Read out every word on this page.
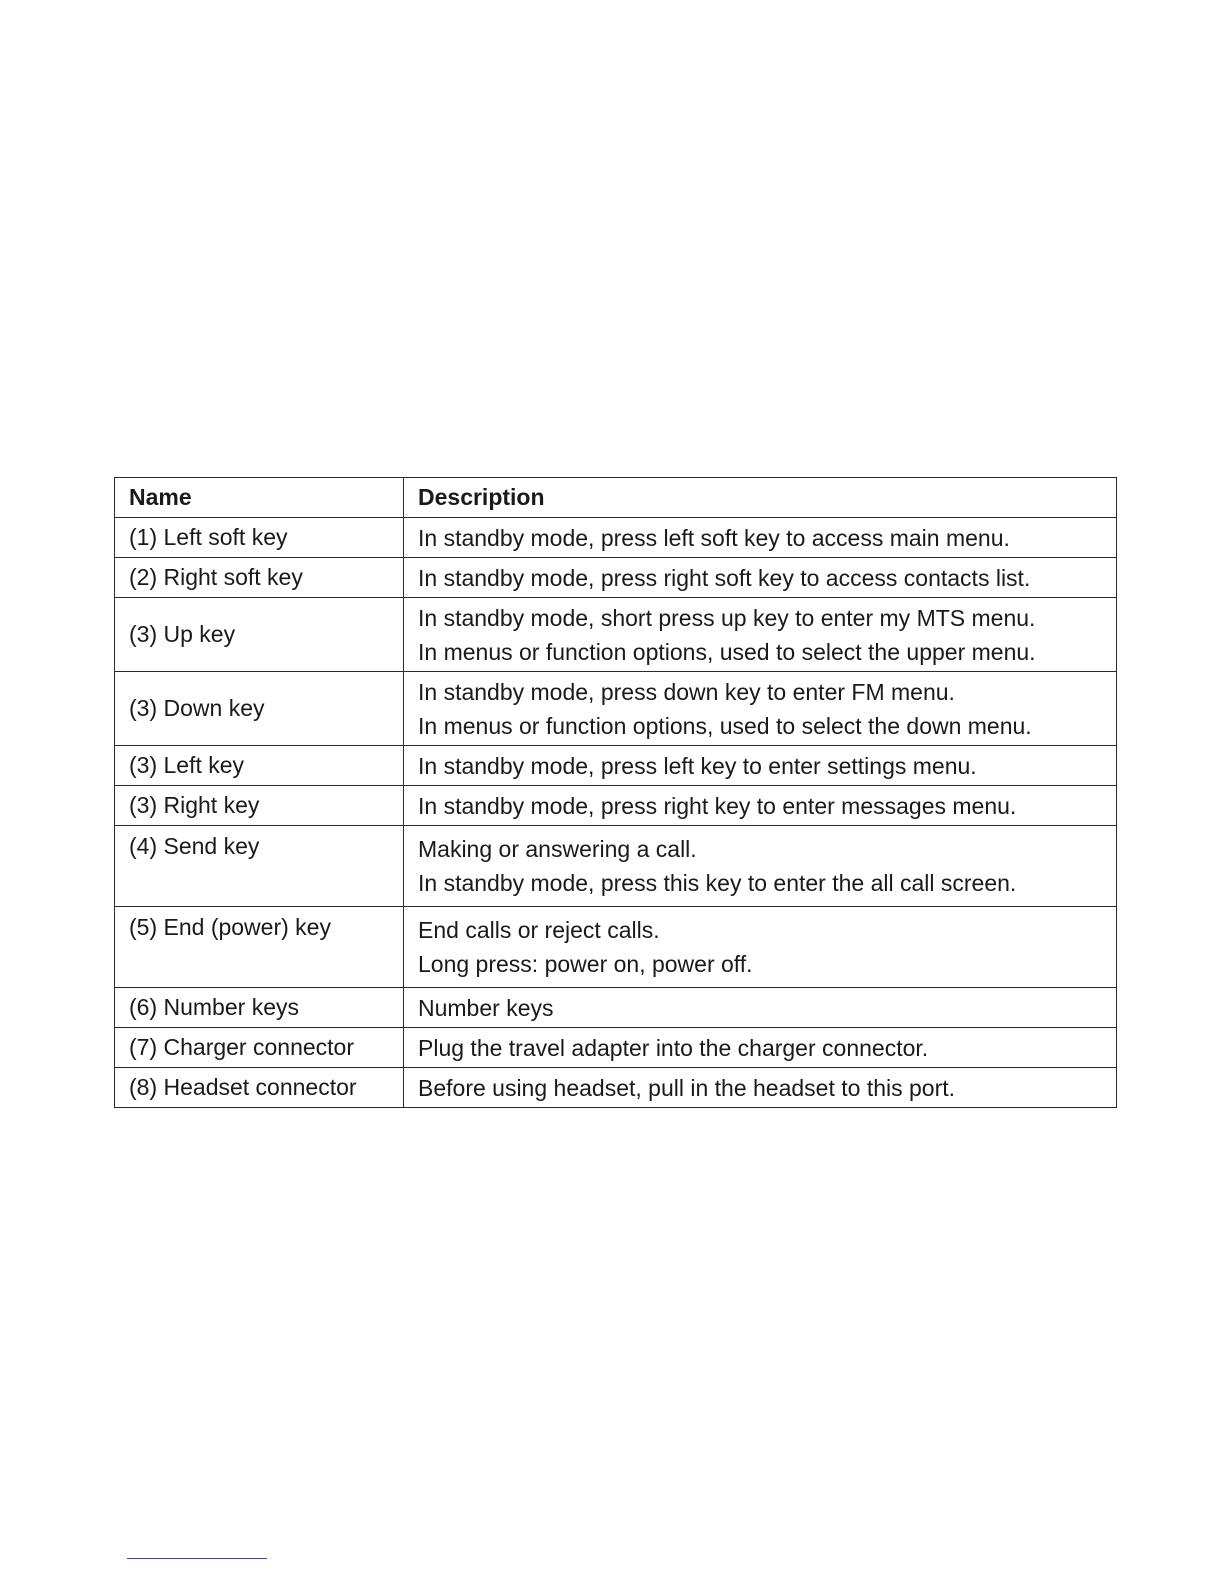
Name	Description
(1) Left soft key	In standby mode, press left soft key to access main menu.

(2) Right soft key	In standby mode, press right soft key to access contacts list.

(3) Up key	In standby mode, short press up key to enter my MTS menu.
In menus or function options, used to select the upper menu.

(3) Down key	In standby mode, press down key to enter FM menu.
In menus or function options, used to select the down menu.

(3) Left key	In standby mode, press left key to enter settings menu.

(3) Right key	In standby mode, press right key to enter messages menu.

(4) Send key	Making or answering a call.
In standby mode, press this key to enter the all call screen.

(5) End (power) key	End calls or reject calls.
Long press: power on, power off.

(6) Number keys	Number keys

(7) Charger connector	Plug the travel adapter into the charger connector.

(8) Headset connector	Before using headset, pull in the headset to this port.
